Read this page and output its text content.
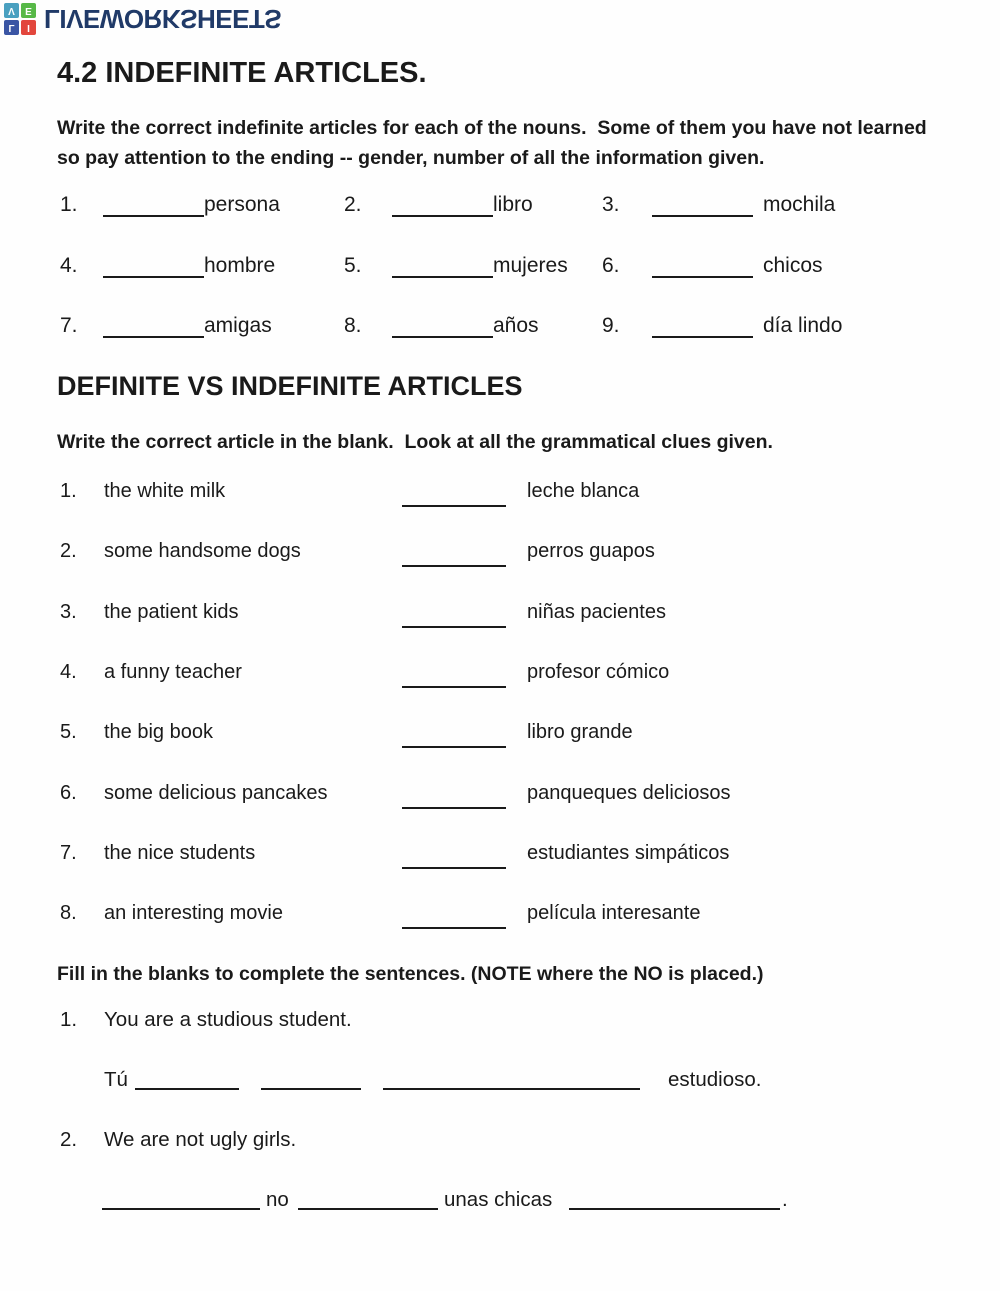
L	I
V	E LIVEWORKSHEETS
4.2 INDEFINITE ARTICLES.
Write the correct indefinite articles for each of the nouns.  Some of them you have not learned so pay attention to the ending -- gender, number of all the information given.
1.	persona	2.	libro	3.	mochila
4.	hombre	5.	mujeres 6.	chicos
7.	amigas	8.	años	9.	día lindo
DEFINITE VS INDEFINITE ARTICLES
Write the correct article in the blank.  Look at all the grammatical clues given.
1. the white milk	leche blanca
2. some handsome dogs	perros guapos
3. the patient kids	niñas pacientes
4. a funny teacher	profesor cómico
5. the big book	libro grande
6. some delicious pancakes	panqueques deliciosos
7. the nice students	estudiantes simpáticos
8. an interesting movie	película interesante
Fill in the blanks to complete the sentences. (NOTE where the NO is placed.)
1. You are a studious student.
Tú	estudioso.
2. We are not ugly girls.
no	unas chicas	.
